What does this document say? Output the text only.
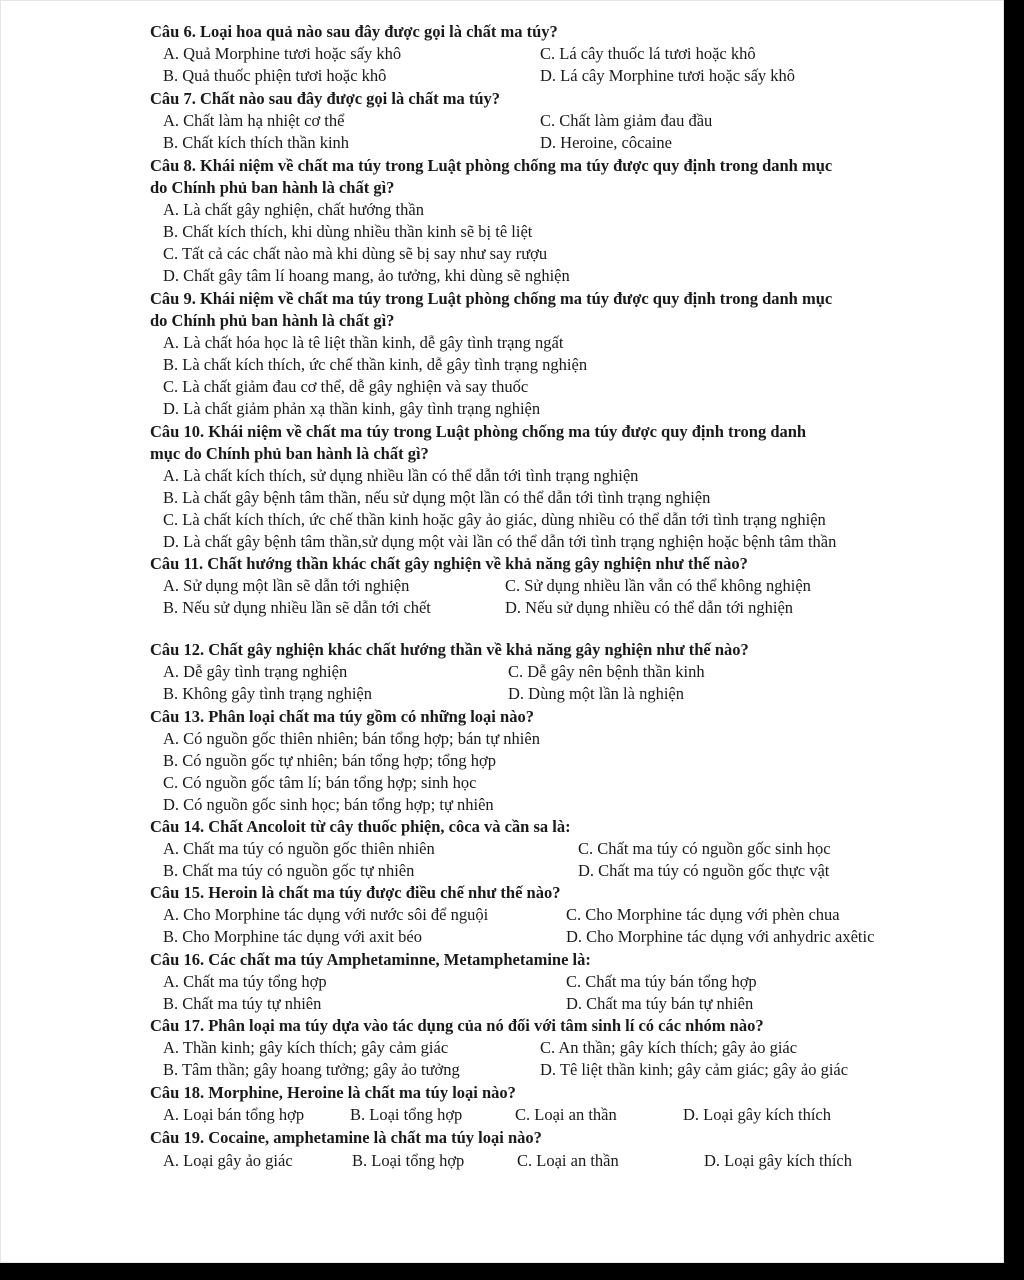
Câu 6. Loại hoa quả nào sau đây được gọi là chất ma túy?
A. Quả Morphine tươi hoặc sấy khô	C. Lá cây thuốc lá tươi hoặc khô
B. Quả thuốc phiện tươi hoặc khô	D. Lá cây Morphine tươi hoặc sấy khô
Câu 7. Chất nào sau đây được gọi là chất ma túy?
A. Chất làm hạ nhiệt cơ thể	C. Chất làm giảm đau đầu
B. Chất kích thích thần kinh	D. Heroine, côcaine
Câu 8. Khái niệm về chất ma túy trong Luật phòng chống ma túy được quy định trong danh mục
do Chính phủ ban hành là chất gì?
A. Là chất gây nghiện, chất hướng thần
B. Chất kích thích, khi dùng nhiều thần kinh sẽ bị tê liệt
C. Tất cả các chất nào mà khi dùng sẽ bị say như say rượu
D. Chất gây tâm lí hoang mang, ảo tưởng, khi dùng sẽ nghiện
Câu 9. Khái niệm về chất ma túy trong Luật phòng chống ma túy được quy định trong danh mục
do Chính phủ ban hành là chất gì?
A. Là chất hóa học là tê liệt thần kinh, dễ gây tình trạng ngất
B. Là chất kích thích, ức chế thần kinh, dễ gây tình trạng nghiện
C. Là chất giảm đau cơ thể, dễ gây nghiện và say thuốc
D. Là chất giảm phản xạ thần kinh, gây tình trạng nghiện
Câu 10. Khái niệm về chất ma túy trong Luật phòng chống ma túy được quy định trong danh
mục do Chính phủ ban hành là chất gì?
A. Là chất kích thích, sử dụng nhiều lần có thể dẫn tới tình trạng nghiện
B. Là chất gây bệnh tâm thần, nếu sử dụng một lần có thể dẫn tới tình trạng nghiện
C. Là chất kích thích, ức chế thần kinh hoặc gây ảo giác, dùng nhiều có thể dẫn tới tình trạng nghiện
D. Là chất gây bệnh tâm thần,sử dụng một vài lần có thể dẫn tới tình trạng nghiện hoặc bệnh tâm thần
Câu 11. Chất hướng thần khác chất gây nghiện về khả năng gây nghiện như thế nào?
A. Sử dụng một lần sẽ dẫn tới nghiện	C. Sử dụng nhiều lần vẫn có thể không nghiện
B. Nếu sử dụng nhiều lần sẽ dẫn tới chết	D. Nếu sử dụng nhiều có thể dẫn tới nghiện
Câu 12. Chất gây nghiện khác chất hướng thần về khả năng gây nghiện như thế nào?
A. Dễ gây tình trạng nghiện	C. Dễ gây nên bệnh thần kinh
B. Không gây tình trạng nghiện	D. Dùng một lần là nghiện
Câu 13. Phân loại chất ma túy gồm có những loại nào?
A. Có nguồn gốc thiên nhiên; bán tổng hợp; bán tự nhiên
B. Có nguồn gốc tự nhiên; bán tổng hợp; tổng hợp
C. Có nguồn gốc tâm lí; bán tổng hợp; sinh học
D. Có nguồn gốc sinh học; bán tổng hợp; tự nhiên
Câu 14. Chất Ancoloit từ cây thuốc phiện, côca và cần sa là:
A. Chất ma túy có nguồn gốc thiên nhiên	C. Chất ma túy có nguồn gốc sinh học
B. Chất ma túy có nguồn gốc tự nhiên	D. Chất ma túy có nguồn gốc thực vật
Câu 15. Heroin là chất ma túy được điều chế như thế nào?
A. Cho Morphine tác dụng với nước sôi để nguội	C. Cho Morphine tác dụng với phèn chua
B. Cho Morphine tác dụng với axit béo	D. Cho Morphine tác dụng với anhydric axêtic
Câu 16. Các chất ma túy Amphetaminne, Metamphetamine là:
A. Chất ma túy tổng hợp	C. Chất ma túy bán tổng hợp
B. Chất ma túy tự nhiên	D. Chất ma túy bán tự nhiên
Câu 17. Phân loại ma túy dựa vào tác dụng của nó đối với tâm sinh lí có các nhóm nào?
A. Thần kinh; gây kích thích; gây cảm giác	C. An thần; gây kích thích; gây ảo giác
B. Tâm thần; gây hoang tưởng; gây ảo tưởng	D. Tê liệt thần kinh; gây cảm giác; gây ảo giác
Câu 18. Morphine, Heroine là chất ma túy loại nào?
A. Loại bán tổng hợp	B. Loại tổng hợp	C. Loại an thần	D. Loại gây kích thích
Câu 19. Cocaine, amphetamine là chất ma túy loại nào?
A. Loại gây ảo giác	B. Loại tổng hợp	C. Loại an thần	D. Loại gây kích thích
